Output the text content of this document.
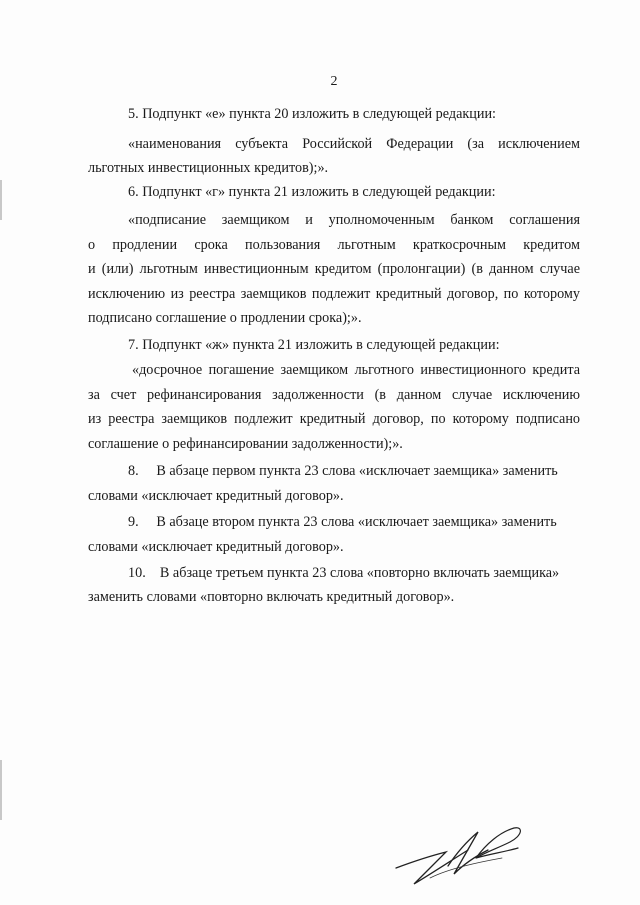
2
5. Подпункт «е» пункта 20 изложить в следующей редакции:
«наименования субъекта Российской Федерации (за исключением
льготных инвестиционных кредитов);».
6. Подпункт «г» пункта 21 изложить в следующей редакции:
«подписание заемщиком и уполномоченным банком соглашения
о продлении срока пользования льготным краткосрочным кредитом
и (или) льготным инвестиционным кредитом (пролонгации) (в данном случае
исключению из реестра заемщиков подлежит кредитный договор, по которому
подписано соглашение о продлении срока);».
7. Подпункт «ж» пункта 21 изложить в следующей редакции:
«досрочное погашение заемщиком льготного инвестиционного кредита
за счет рефинансирования задолженности (в данном случае исключению
из реестра заемщиков подлежит кредитный договор, по которому подписано
соглашение о рефинансировании задолженности);».
8.     В абзаце первом пункта 23 слова «исключает заемщика» заменить
словами «исключает кредитный договор».
9.     В абзаце втором пункта 23 слова «исключает заемщика» заменить
словами «исключает кредитный договор».
10.    В абзаце третьем пункта 23 слова «повторно включать заемщика»
заменить словами «повторно включать кредитный договор».
